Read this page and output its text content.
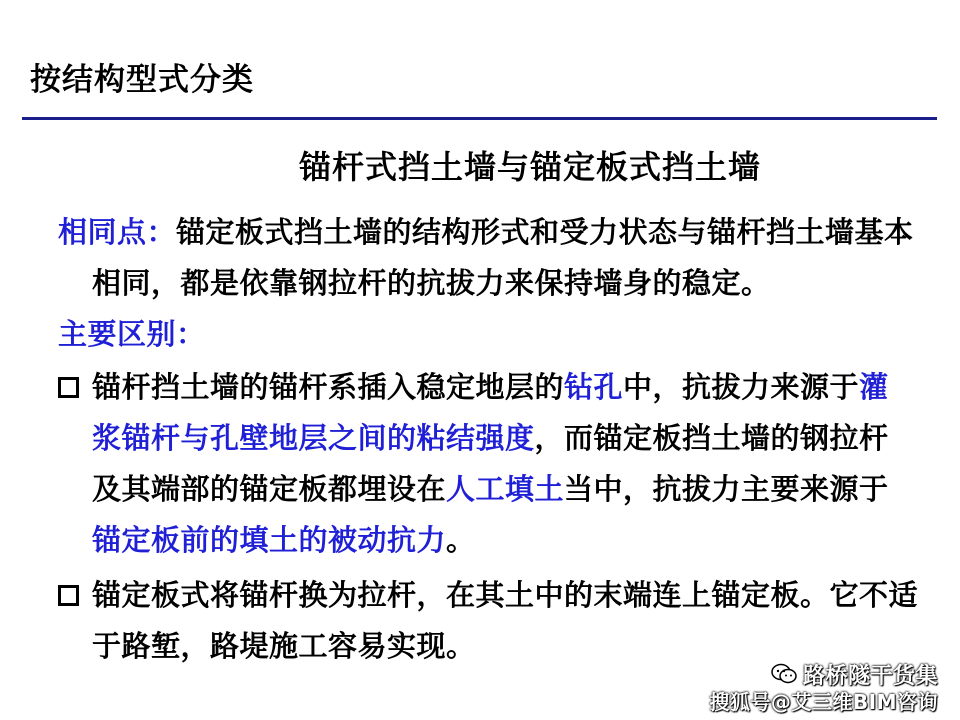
按结构型式分类
锚杆式挡土墙与锚定板式挡土墙

相同点：锚定板式挡土墙的结构形式和受力状态与锚杆挡土墙基本相同，都是依靠钢拉杆的抗拔力来保持墙身的稳定。

主要区别：

锚杆挡土墙的锚杆系插入稳定地层的钻孔中，抗拔力来源于灌浆锚杆与孔壁地层之间的粘结强度，而锚定板挡土墙的钢拉杆及其端部的锚定板都埋设在人工填土当中，抗拔力主要来源于锚定板前的填土的被动抗力。

锚定板式将锚杆换为拉杆，在其土中的末端连上锚定板。它不适于路堑，路堤施工容易实现。

路桥隧干货集
搜狐号@艾三维BIM咨询
